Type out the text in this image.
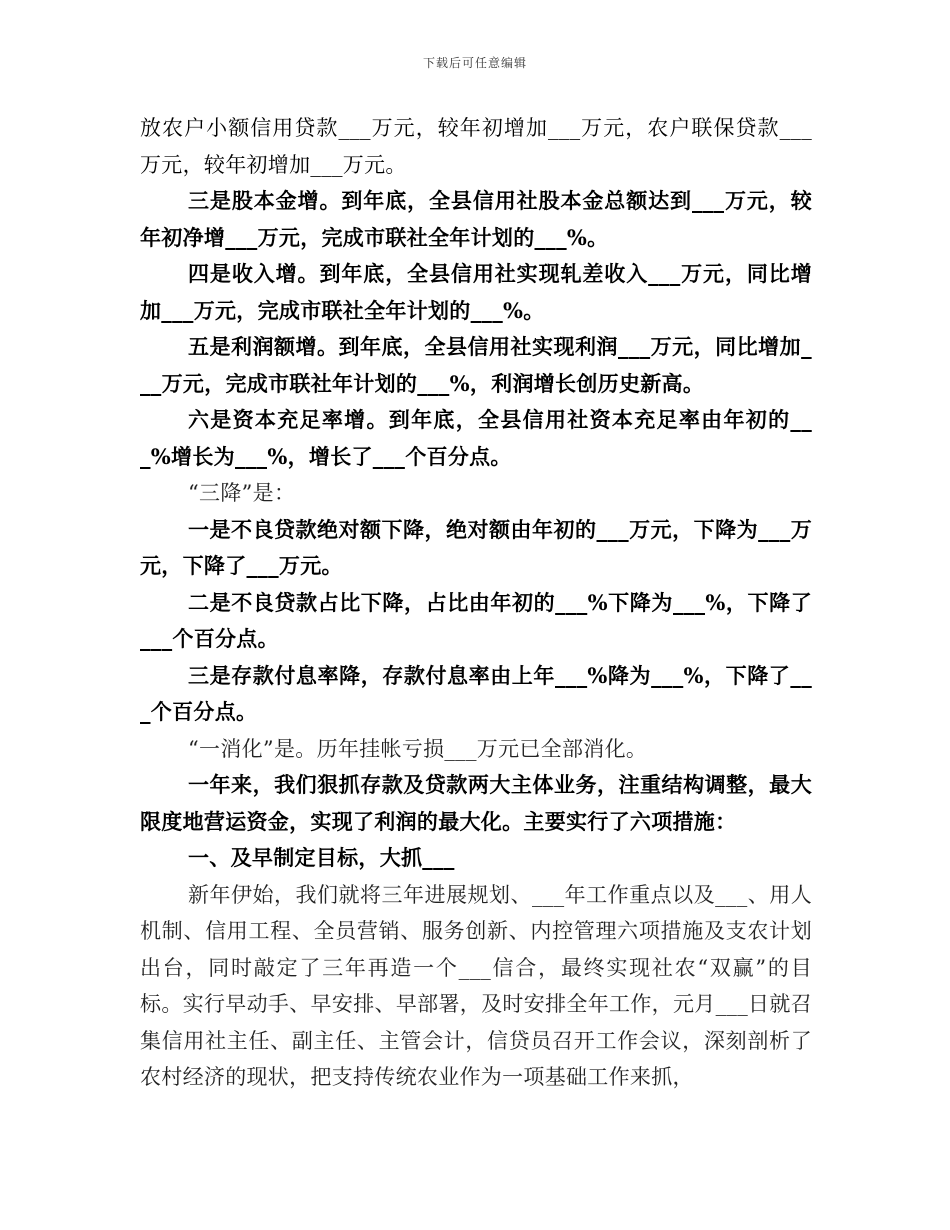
下载后可任意编辑

放农户小额信用贷款___万元，较年初增加___万元，农户联保贷款___万元，较年初增加___万元。

三是股本金增。到年底，全县信用社股本金总额达到___万元，较年初净增___万元，完成市联社全年计划的___%。

四是收入增。到年底，全县信用社实现轧差收入___万元，同比增加___万元，完成市联社全年计划的___%。

五是利润额增。到年底，全县信用社实现利润___万元，同比增加___万元，完成市联社年计划的___%，利润增长创历史新高。

六是资本充足率增。到年底，全县信用社资本充足率由年初的___%增长为___%，增长了___个百分点。

“三降”是：

一是不良贷款绝对额下降，绝对额由年初的___万元，下降为___万元，下降了___万元。

二是不良贷款占比下降，占比由年初的___%下降为___%，下降了___个百分点。

三是存款付息率降，存款付息率由上年___%降为___%，下降了___个百分点。

“一消化”是。历年挂帐亏损___万元已全部消化。

一年来，我们狠抓存款及贷款两大主体业务，注重结构调整，最大限度地营运资金，实现了利润的最大化。主要实行了六项措施：

一、及早制定目标，大抓___

新年伊始，我们就将三年进展规划、___年工作重点以及___、用人机制、信用工程、全员营销、服务创新、内控管理六项措施及支农计划出台，同时敲定了三年再造一个___信合，最终实现社农“双赢”的目标。实行早动手、早安排、早部署，及时安排全年工作，元月___日就召集信用社主任、副主任、主管会计，信贷员召开工作会议，深刻剖析了农村经济的现状，把支持传统农业作为一项基础工作来抓，
